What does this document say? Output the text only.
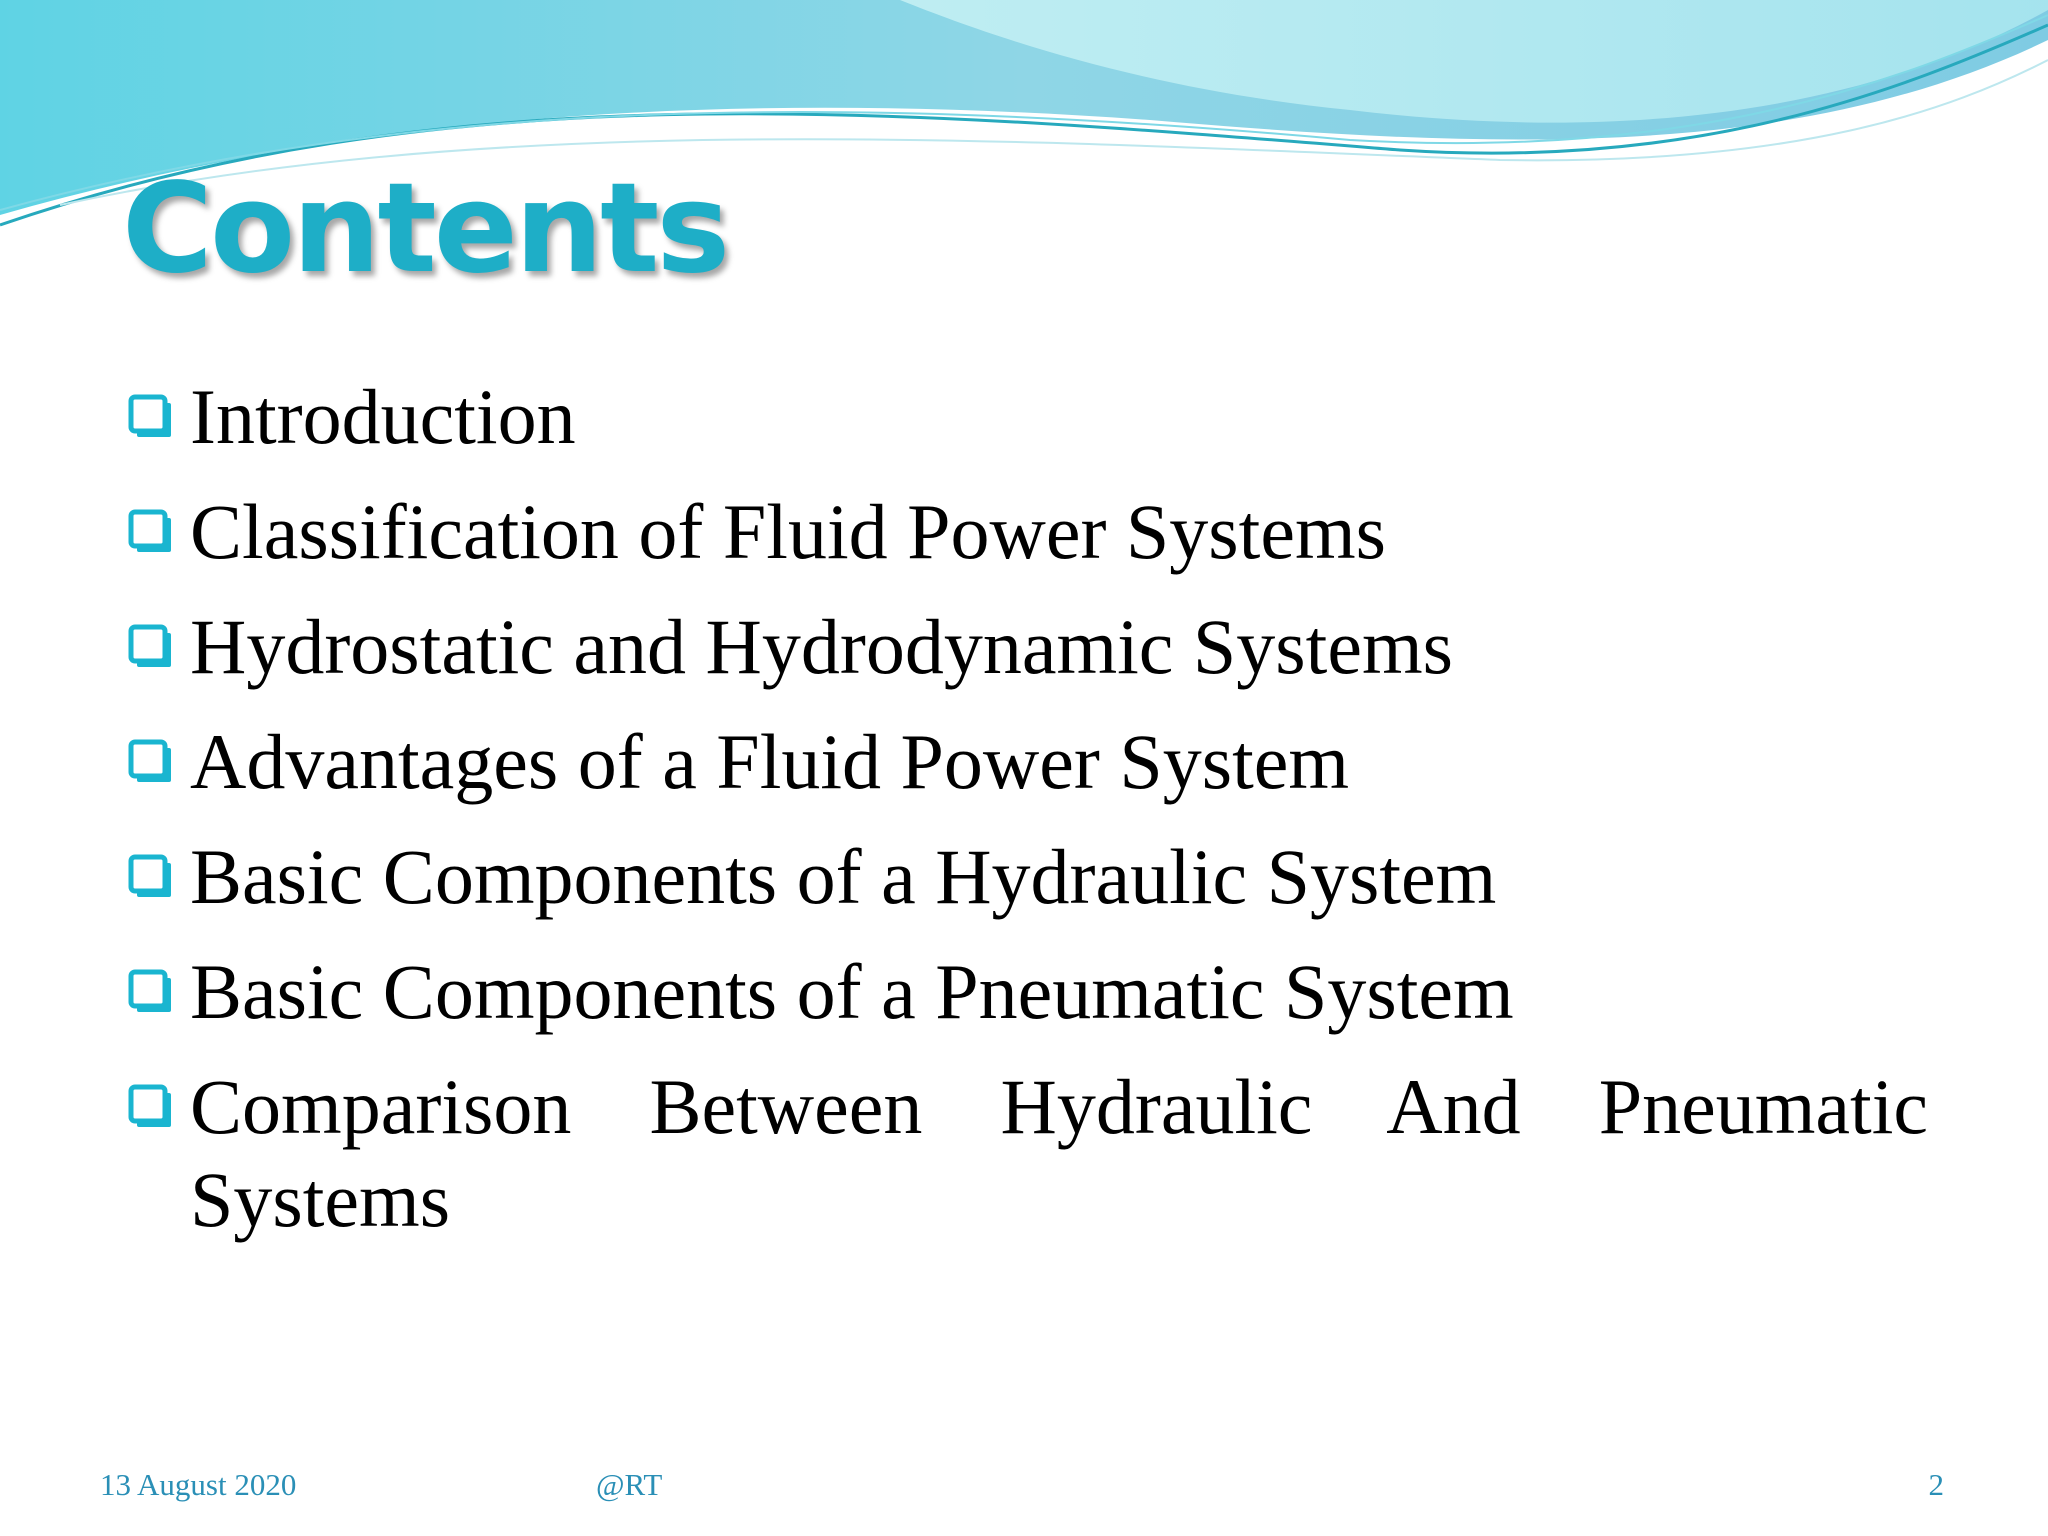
Contents
Introduction
Classification of Fluid Power Systems
Hydrostatic and Hydrodynamic Systems
Advantages of a Fluid Power System
Basic Components of a Hydraulic System
Basic Components of a Pneumatic System
Comparison Between Hydraulic And Pneumatic Systems
13 August 2020	@RT	2
